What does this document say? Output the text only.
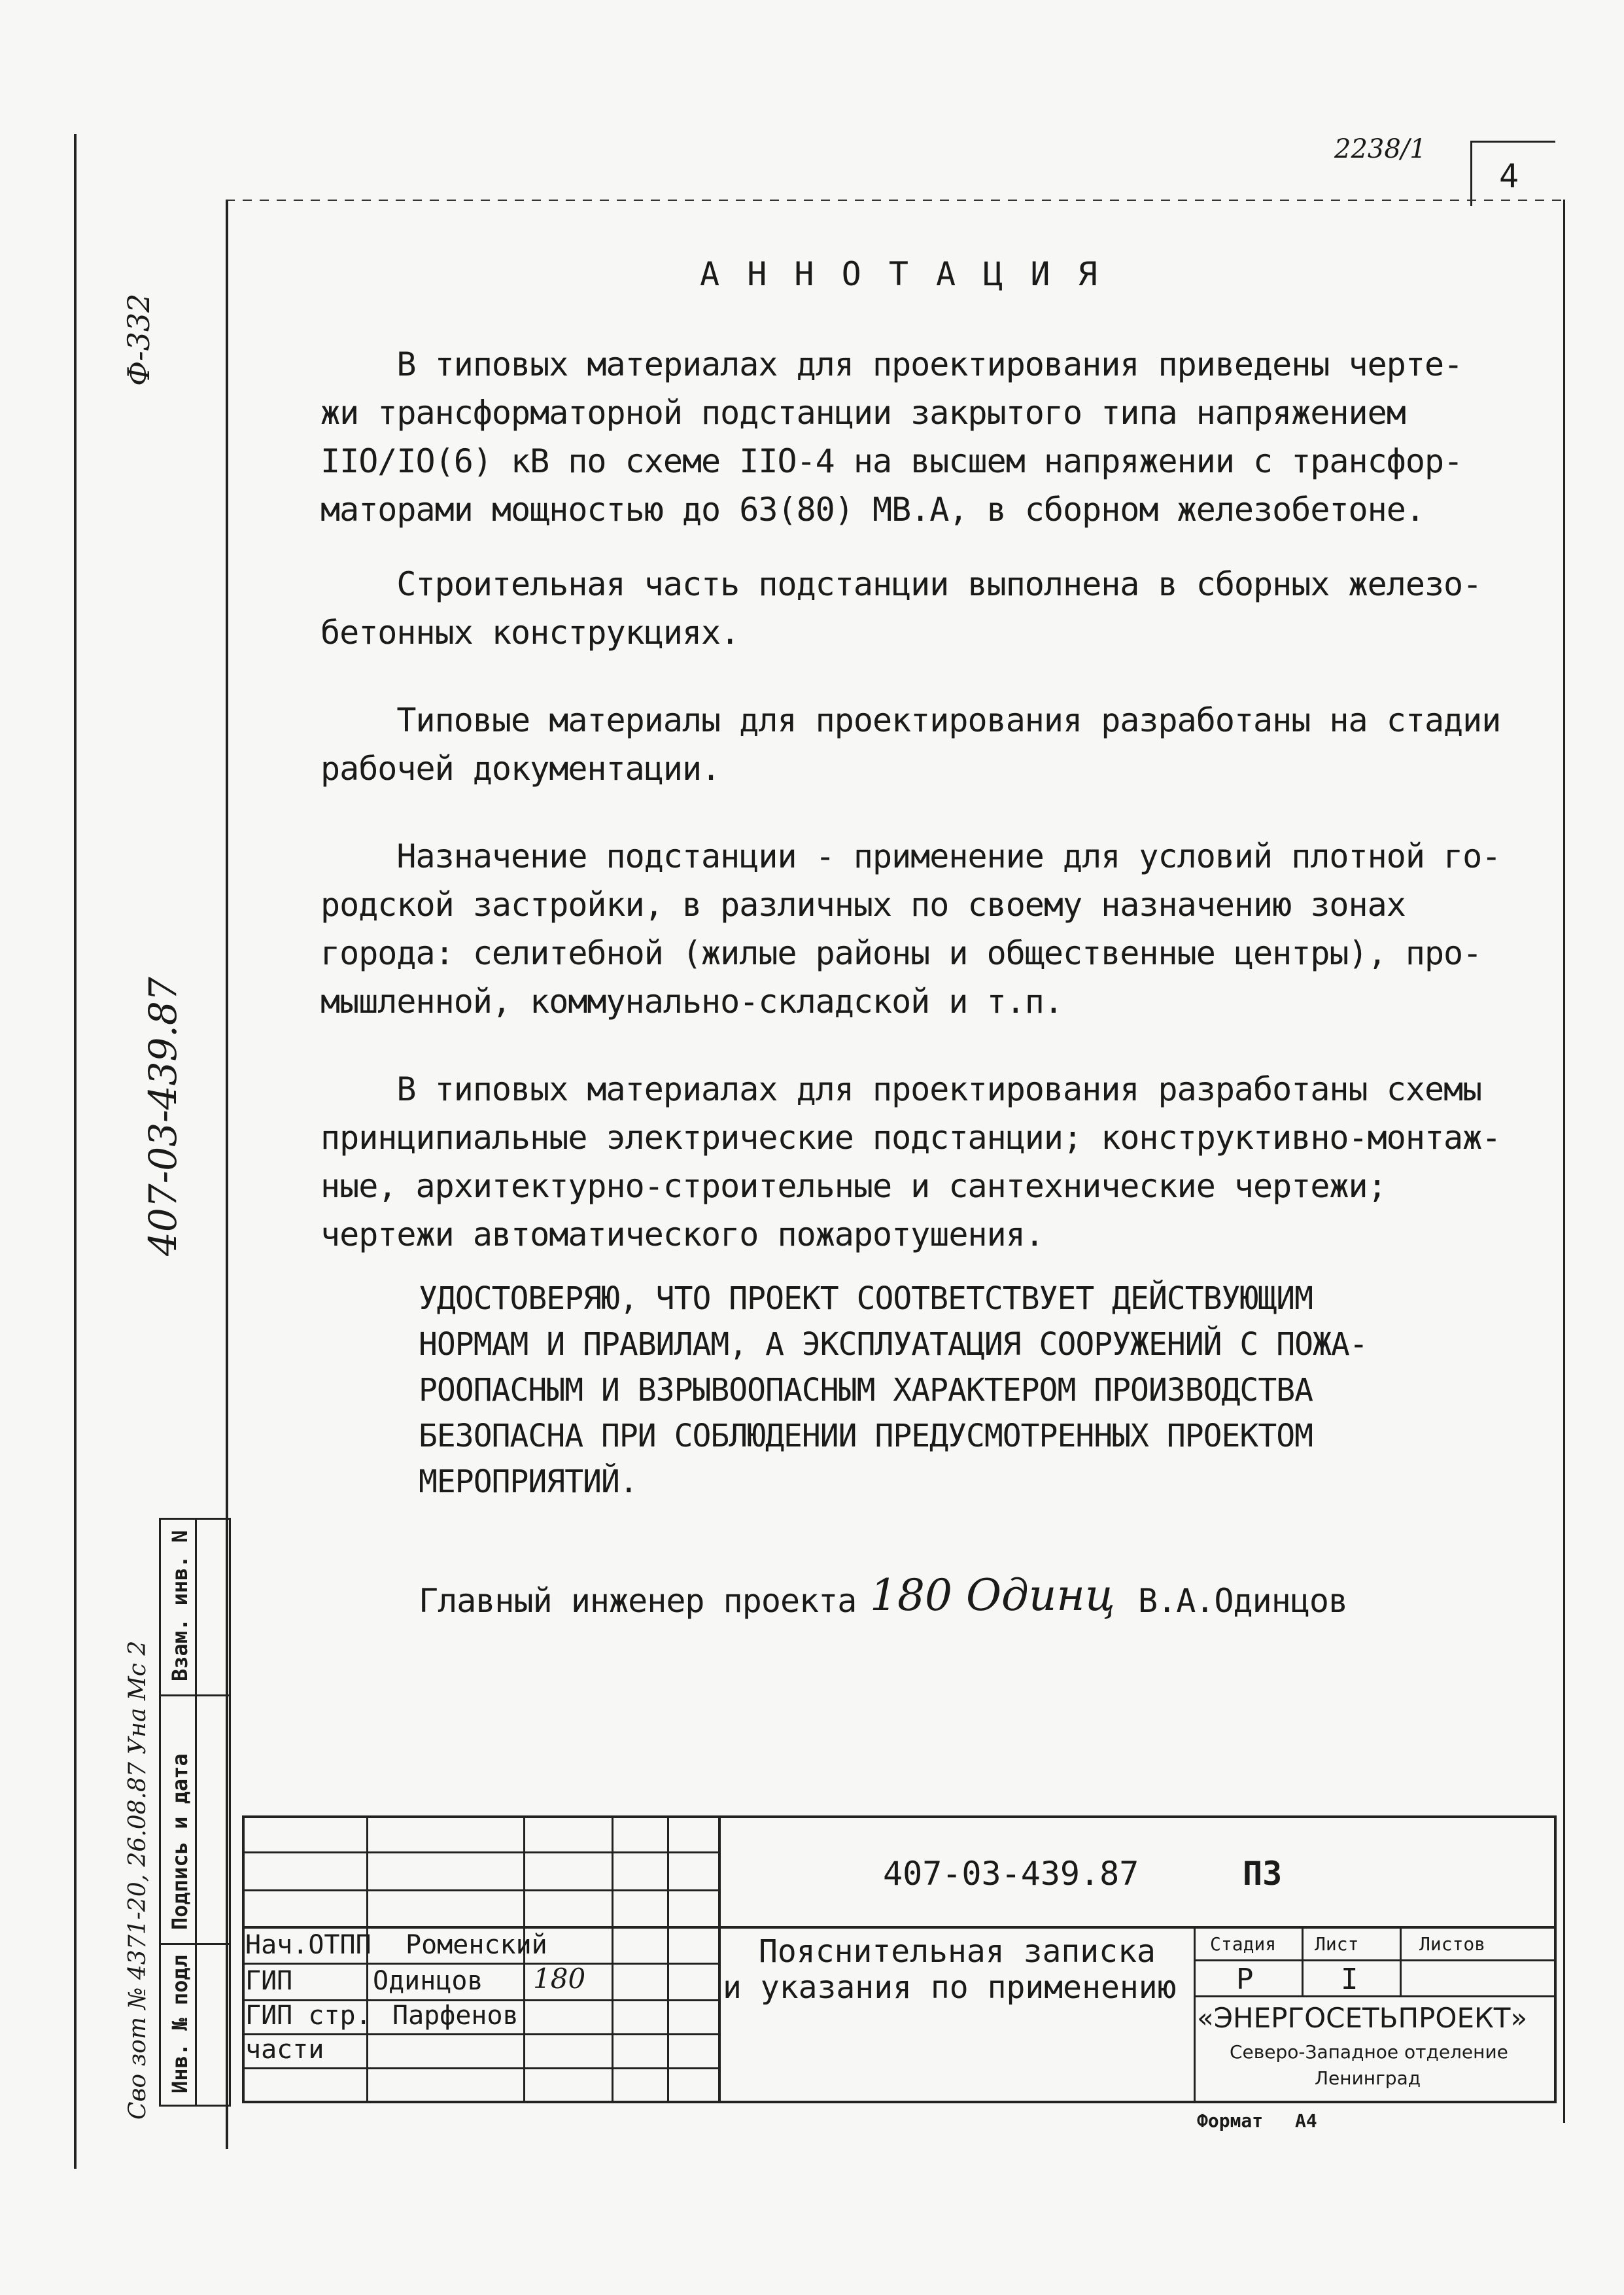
2238/1
4
Ф-332
407-03-439.87
Сво зот № 4371-20, 26.08.87 Уна Мс 2 Инв. № подл
Подпись и дата
Взам. инв. N
А Н Н О Т А Ц И Я
В типовых материалах для проектирования приведены черте-
жи трансформаторной подстанции закрытого типа напряжением
IIO/IO(6) кВ по схеме IIO-4 на высшем напряжении с трансфор-
маторами мощностью до 63(80) МВ.А, в сборном железобетоне.
Строительная часть подстанции выполнена в сборных железо-
бетонных конструкциях.
Типовые материалы для проектирования разработаны на стадии
рабочей документации.
Назначение подстанции - применение для условий плотной го-
родской застройки, в различных по своему назначению зонах
города: селитебной (жилые районы и общественные центры), про-
мышленной, коммунально-складской и т.п.
В типовых материалах для проектирования разработаны схемы
принципиальные электрические подстанции; конструктивно-монтаж-
ные, архитектурно-строительные и сантехнические чертежи;
чертежи автоматического пожаротушения.
УДОСТОВЕРЯЮ, ЧТО ПРОЕКТ СООТВЕТСТВУЕТ ДЕЙСТВУЮЩИМ
НОРМАМ И ПРАВИЛАМ, А ЭКСПЛУАТАЦИЯ СООРУЖЕНИЙ С ПОЖА-
РООПАСНЫМ И ВЗРЫВООПАСНЫМ ХАРАКТЕРОМ ПРОИЗВОДСТВА
БЕЗОПАСНА ПРИ СОБЛЮДЕНИИ ПРЕДУСМОТРЕННЫХ ПРОЕКТОМ
МЕРОПРИЯТИЙ.
Главный инженер проекта 180 Одинц В.А.Одинцов
407-03-439.87	ПЗ
Нач.ОТПП Роменский
ГИП	Одинцов 180
ГИП стр. Парфенов
части
Пояснительная записка
и указания по применению
Стадия Лист	Листов
Р	I
«ЭНЕРГОСЕТЬПРОЕКТ»
Северо-Западное отделение
Ленинград
Формат А4
